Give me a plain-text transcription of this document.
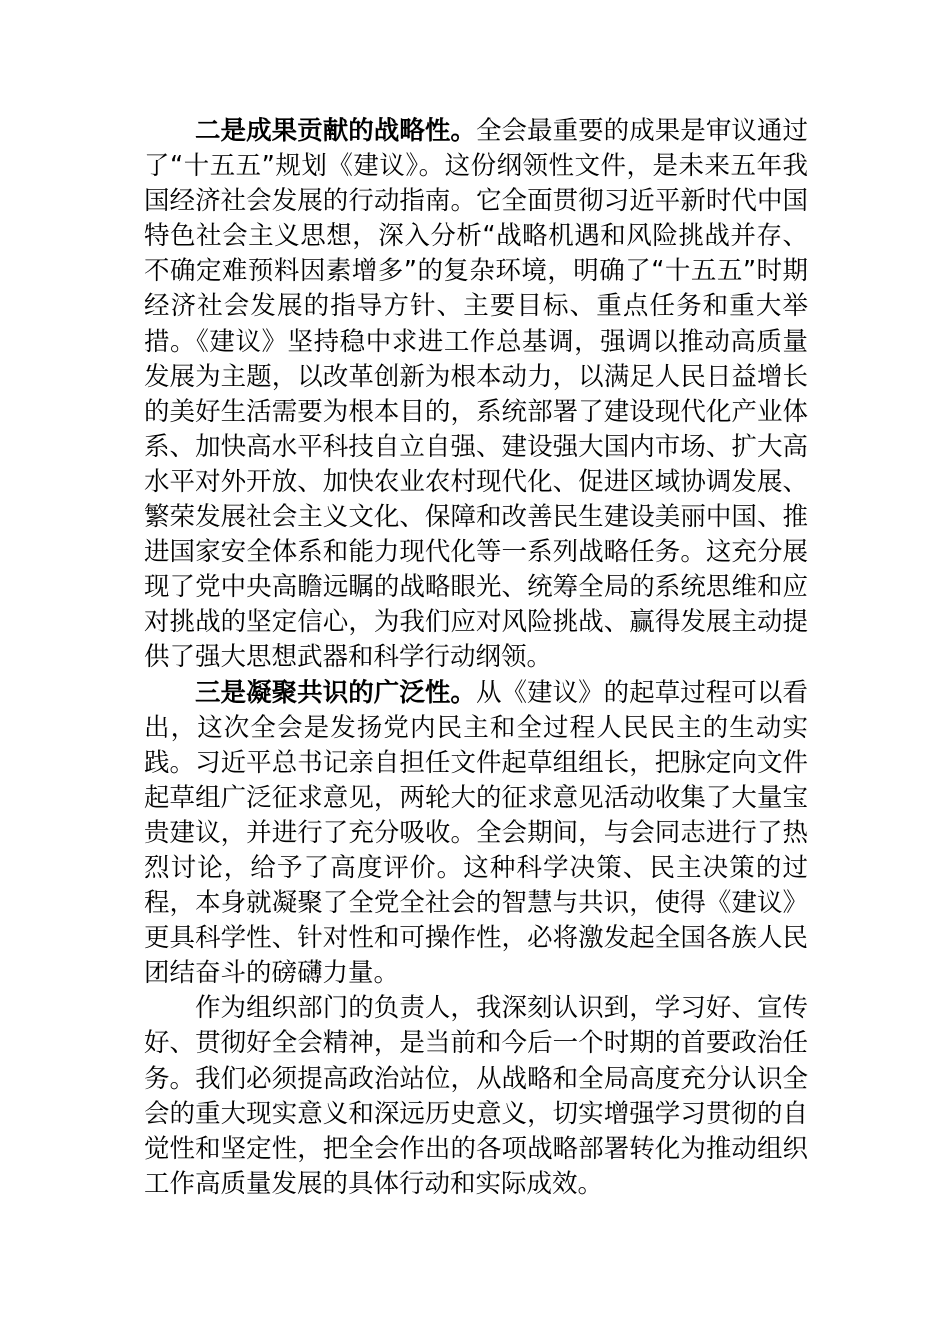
二是成果贡献的战略性。全会最重要的成果是审议通过了“十五五”规划《建议》。这份纲领性文件，是未来五年我国经济社会发展的行动指南。它全面贯彻习近平新时代中国特色社会主义思想，深入分析“战略机遇和风险挑战并存、不确定难预料因素增多”的复杂环境，明确了“十五五”时期经济社会发展的指导方针、主要目标、重点任务和重大举措。《建议》坚持稳中求进工作总基调，强调以推动高质量发展为主题，以改革创新为根本动力，以满足人民日益增长的美好生活需要为根本目的，系统部署了建设现代化产业体系、加快高水平科技自立自强、建设强大国内市场、扩大高水平对外开放、加快农业农村现代化、促进区域协调发展、繁荣发展社会主义文化、保障和改善民生建设美丽中国、推进国家安全体系和能力现代化等一系列战略任务。这充分展现了党中央高瞻远瞩的战略眼光、统筹全局的系统思维和应对挑战的坚定信心，为我们应对风险挑战、赢得发展主动提供了强大思想武器和科学行动纲领。

三是凝聚共识的广泛性。从《建议》的起草过程可以看出，这次全会是发扬党内民主和全过程人民民主的生动实践。习近平总书记亲自担任文件起草组组长，把脉定向文件起草组广泛征求意见，两轮大的征求意见活动收集了大量宝贵建议，并进行了充分吸收。全会期间，与会同志进行了热烈讨论，给予了高度评价。这种科学决策、民主决策的过程，本身就凝聚了全党全社会的智慧与共识，使得《建议》更具科学性、针对性和可操作性，必将激发起全国各族人民团结奋斗的磅礴力量。

作为组织部门的负责人，我深刻认识到，学习好、宣传好、贯彻好全会精神，是当前和今后一个时期的首要政治任务。我们必须提高政治站位，从战略和全局高度充分认识全会的重大现实意义和深远历史意义，切实增强学习贯彻的自觉性和坚定性，把全会作出的各项战略部署转化为推动组织工作高质量发展的具体行动和实际成效。
